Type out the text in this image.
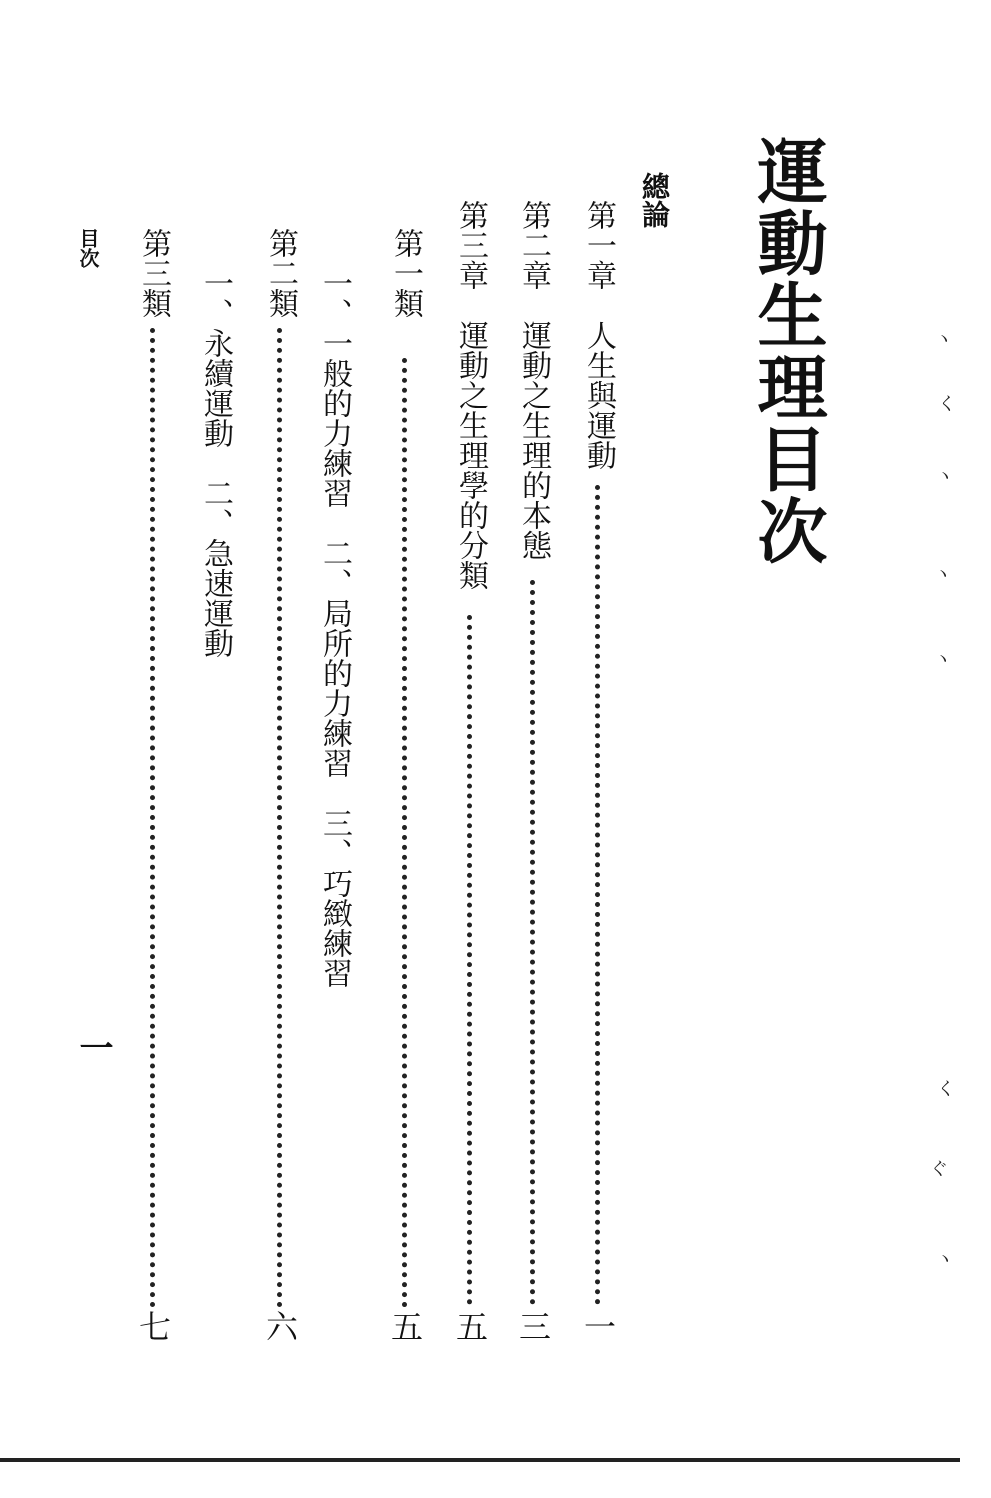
運動生理目次
總論
第一章　人生與運動
一
第二章　運動之生理的本態
三
第三章　運動之生理學的分類
五
第一類
五
一、一般的力練習　二、局所的力練習　三、巧緻練習
第二類
六
一、永續運動　二、急速運動
第三類
七
目次
一
ヽ
く
ヽ
ヽ
ヽ
く
ぐ
ヽ
